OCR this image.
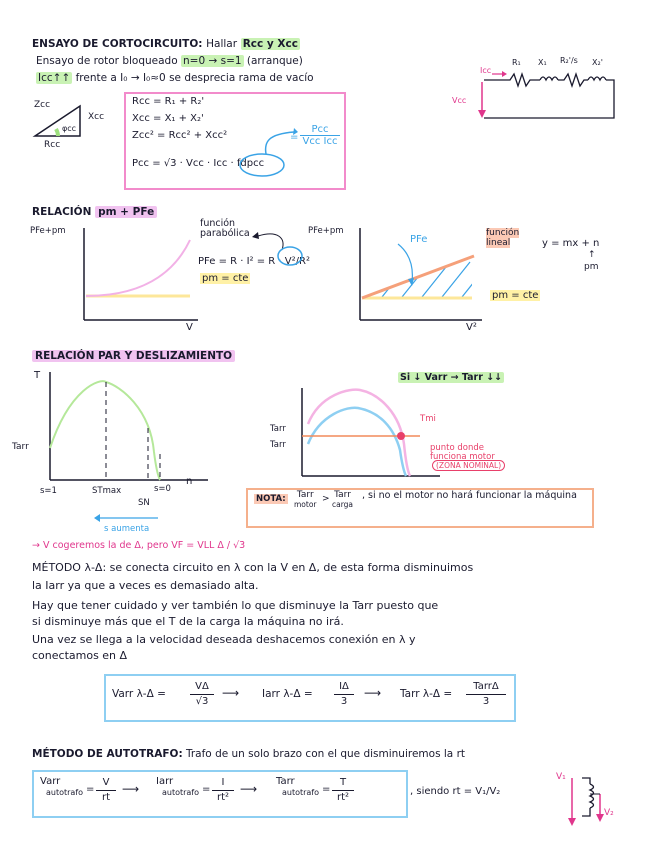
ENSAYO DE CORTOCIRCUITO: Hallar Rcc y Xcc
Ensayo de rotor bloqueado n=0 → s=1 (arranque)
Icc↑↑ frente a I₀ → I₀≈0 se desprecia rama de vacío
Zcc
Xcc
Rcc
φcc
Rcc = R₁ + R₂'
Xcc = X₁ + X₂'
Zcc² = Rcc² + Xcc²
Pcc = √3 · Vcc · Icc · fdpcc
Pcc
Vcc Icc
=
Icc
Vcc
R₁ X₁ R₂'/s X₂'
RELACIÓN pm + PFe
PFe+pm
V
función parabólica
PFe = R · I² = R · V²/R²
pm = cte
PFe+pm
V²
PFe
función lineal	y = mx + n
↑
pm
pm = cte
RELACIÓN PAR Y DESLIZAMIENTO
T
Tarr
s=1	STmax	s=0
n
SN
s aumenta
Si ↓ Varr → Tarr ↓↓
Tarr
Tarr
Tmi
punto donde funciona motor
(ZONA NOMINAL)
NOTA:	Tarr
motor
> Tarr
carga
, si no el motor no hará funcionar la máquina
→ V cogeremos la de Δ, pero VF = VLL Δ / √3
MÉTODO λ-Δ: se conecta circuito en λ con la V en Δ, de esta forma disminuimos
la Iarr ya que a veces es demasiado alta.
Hay que tener cuidado y ver también lo que disminuye la Tarr puesto que
si disminuye más que el T de la carga la máquina no irá.
Una vez se llega a la velocidad deseada deshacemos conexión en λ y
conectamos en Δ
Varr $\lambda-\Delta = \frac{V\Delta}{√3}$ ⟶ Iarr $\lambda-\Delta = \frac{I\Delta}{3}$ ⟶ Tarr λ-Δ =
TarrΔ
3
MÉTODO DE AUTOTRAFO: Trafo de un solo brazo con el que disminuiremos la rt
Varr
autotrafo = $\frac{V}{rt}$ ⟶
Iarr
autotrafo = $\frac{I}{\text{rt²}}$ ⟶
Tarr
autotrafo = $\frac{T}{\text{rt²}}$	, siendo rt = V₁/V₂
V₁
V₂
